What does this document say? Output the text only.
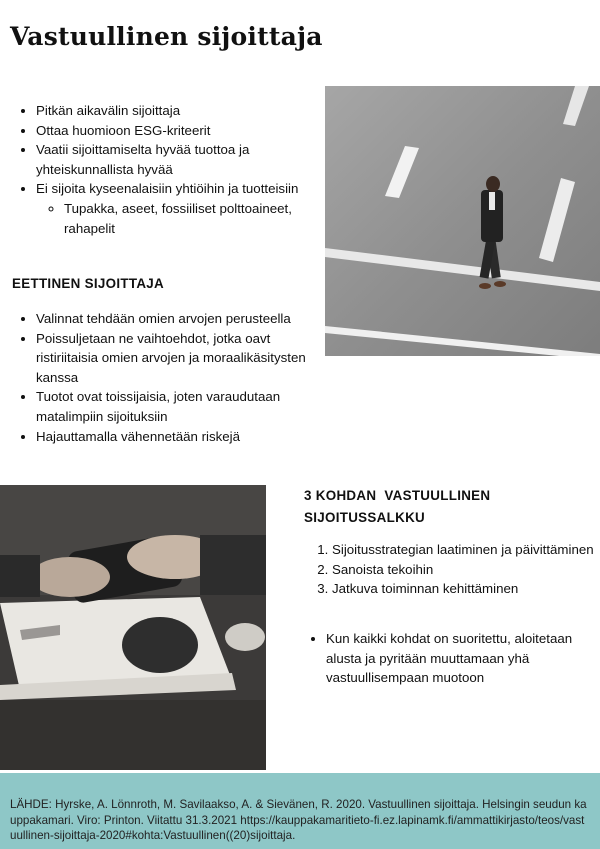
Vastuullinen sijoittaja
• Pitkän aikavälin sijoittaja
• Ottaa huomioon ESG-kriteerit
• Vaatii sijoittamiselta hyvää tuottoa ja yhteiskunnallista hyvää
• Ei sijoita kyseenalaisiin yhtiöihin ja tuotteisiin
◦ Tupakka, aseet, fossiiliset polttoaineet, rahapelit

EETTINEN SIJOITTAJA

• Valinnat tehdään omien arvojen perusteella
• Poissuljetaan ne vaihtoehdot, jotka oavt ristiriitaisia omien arvojen ja moraalikäsitysten kanssa
• Tuotot ovat toissijaisia, joten varaudutaan matalimpiin sijoituksiin
• Hajauttamalla vähennetään riskejä

3 KOHDAN  VASTUULLINEN
SIJOITUSSALKKU

1. Sijoitusstrategian laatiminen ja päivittäminen
2. Sanoista tekoihin
3. Jatkuva toiminnan kehittäminen
• Kun kaikki kohdat on suoritettu, aloitetaan alusta ja pyritään muuttamaan yhä vastuullisempaan muotoon

LÄHDE: Hyrske, A. Lönnroth, M. Savilaakso, A. & Sievänen, R. 2020. Vastuullinen sijoittaja. Helsingin seudun kauppakamari. Viro: Printon. Viitattu 31.3.2021 https://kauppakamaritieto-fi.ez.lapinamk.fi/ammattikirjasto/teos/vastuullinen-sijoittaja-2020#kohta:Vastuullinen((20)sijoittaja.
